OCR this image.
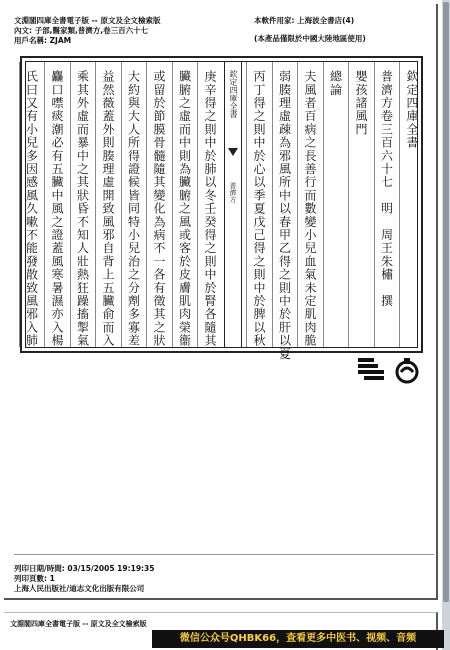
文淵閣四庫全書電子版 -- 原文及全文檢索版
內文: 子部,醫家類,普濟方,卷三百六十七
用戶名稱: ZJAM
本軟件用家: 上海波全書店(4)
(本產品僅限於中國大陸地區使用)
欽定四庫全書
普濟方卷三百六十七　明　周王朱橚　撰
嬰孩諸風門
總論
夫風者百病之長善行而數變小兒血氣未定肌肉脆
弱腠理虛疎為邪風所中以春甲乙得之則中於肝以夏
丙丁得之則中於心以季夏戊己得之則中於脾以秋
庚辛得之則中於肺以冬壬癸得之則中於腎各隨其
臟腑之虛而中則為臟腑之風或客於皮膚肌肉榮衞
或留於節膜骨髓隨其變化為病不一各有徵其之狀
大約與大人所得證候皆同特小兒治之分劑多寡差
益然薇蓋外則腠理虛開致風邪自背上五臟俞而入
乘其外虛而暴中之其狀昏不知人壯熱狂躁搐掣氣
麤口噤痰潮必有五臟中風之證蓋風寒暑濕亦入楊
氏曰又有小兒多因感風久嗽不能發散致風邪入肺	欽定四庫全書
普濟方
列印日期/時間: 03/15/2005 19:19:35
列印頁數: 1
上海人民出版社/迪志文化出版有限公司
文淵閣四庫全書電子版 -- 原文及全文檢索版
微信公众号QHBK66，查看更多中医书、视频、音频
